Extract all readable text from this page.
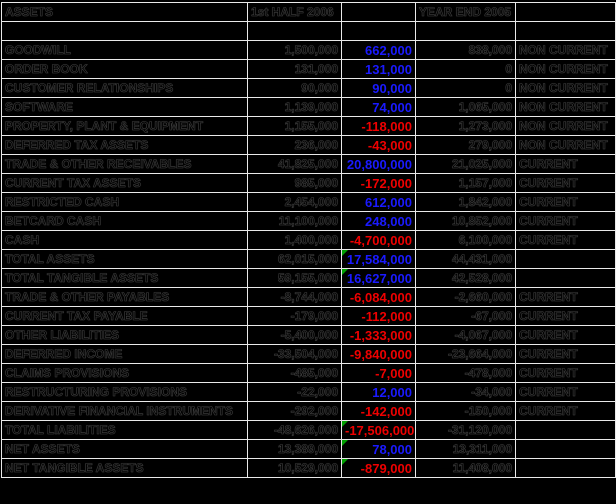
ASSETS	1st HALF 2006		YEAR END 2005	

GOODWILL	1,500,000	662,000	838,000	NON CURRENT
ORDER BOOK	131,000	131,000	0	NON CURRENT
CUSTOMER RELATIONSHIPS	90,000	90,000	0	NON CURRENT
SOFTWARE	1,139,000	74,000	1,065,000	NON CURRENT
PROPERTY, PLANT & EQUIPMENT	1,155,000	-118,000	1,273,000	NON CURRENT
DEFERRED TAX ASSETS	236,000	-43,000	279,000	NON CURRENT
TRADE & OTHER RECEIVABLES	41,825,000	20,800,000	21,025,000	CURRENT
CURRENT TAX ASSETS	985,000	-172,000	1,157,000	CURRENT
RESTRICTED CASH	2,454,000	612,000	1,842,000	CURRENT
BETCARD CASH	11,100,000	248,000	10,852,000	CURRENT
CASH	1,400,000	-4,700,000	6,100,000	CURRENT
TOTAL ASSETS	62,015,000	17,584,000	44,431,000	
TOTAL TANGIBLE ASSETS	59,155,000	16,627,000	42,528,000	
TRADE & OTHER PAYABLES	-8,744,000	-6,084,000	-2,660,000	CURRENT
CURRENT TAX PAYABLE	-179,000	-112,000	-67,000	CURRENT
OTHER LIABILITIES	-5,400,000	-1,333,000	-4,067,000	CURRENT
DEFERRED INCOME	-33,504,000	-9,840,000	-23,664,000	CURRENT
CLAIMS PROVISIONS	-485,000	-7,000	-478,000	CURRENT
RESTRUCTURING PROVISIONS	-22,000	12,000	-34,000	CURRENT
DERIVATIVE FINANCIAL INSTRUMENTS	-292,000	-142,000	-150,000	CURRENT
TOTAL LIABILITIES	-48,626,000	-17,506,000	-31,120,000	
NET ASSETS	13,389,000	78,000	13,311,000	
NET TANGIBLE ASSETS	10,529,000	-879,000	11,408,000	
